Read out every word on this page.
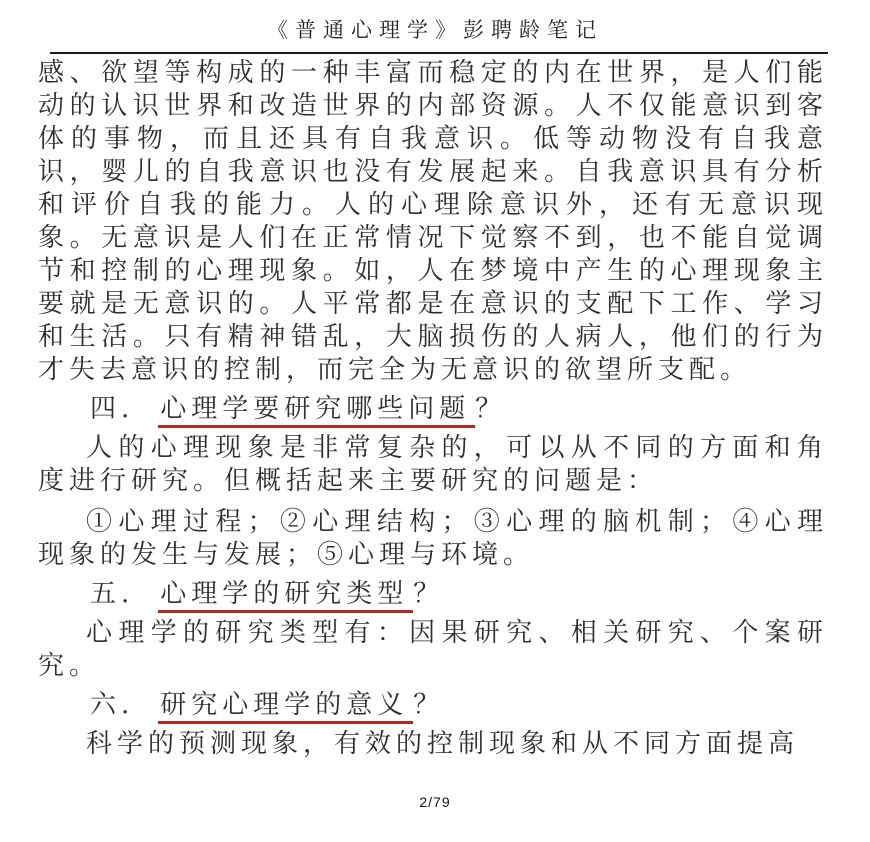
《普通心理学》彭聘龄笔记

感、欲望等构成的一种丰富而稳定的内在世界，是人们能动的认识世界和改造世界的内部资源。人不仅能意识到客体的事物，而且还具有自我意识。低等动物没有自我意识，婴儿的自我意识也没有发展起来。自我意识具有分析和评价自我的能力。人的心理除意识外，还有无意识现象。无意识是人们在正常情况下觉察不到，也不能自觉调节和控制的心理现象。如，人在梦境中产生的心理现象主要就是无意识的。人平常都是在意识的支配下工作、学习和生活。只有精神错乱，大脑损伤的人病人，他们的行为才失去意识的控制，而完全为无意识的欲望所支配。

四. 心理学要研究哪些问题 ？

人的心理现象是非常复杂的，可以从不同的方面和角度进行研究。但概括起来主要研究的问题是：

①心理过程；②心理结构；③心理的脑机制；④心理现象的发生与发展；⑤心理与环境。

五. 心理学的研究类型 ？

心理学的研究类型有：因果研究、相关研究、个案研究。

六. 研究心理学的意义 ？

科学的预测现象，有效的控制现象和从不同方面提高

2/79
